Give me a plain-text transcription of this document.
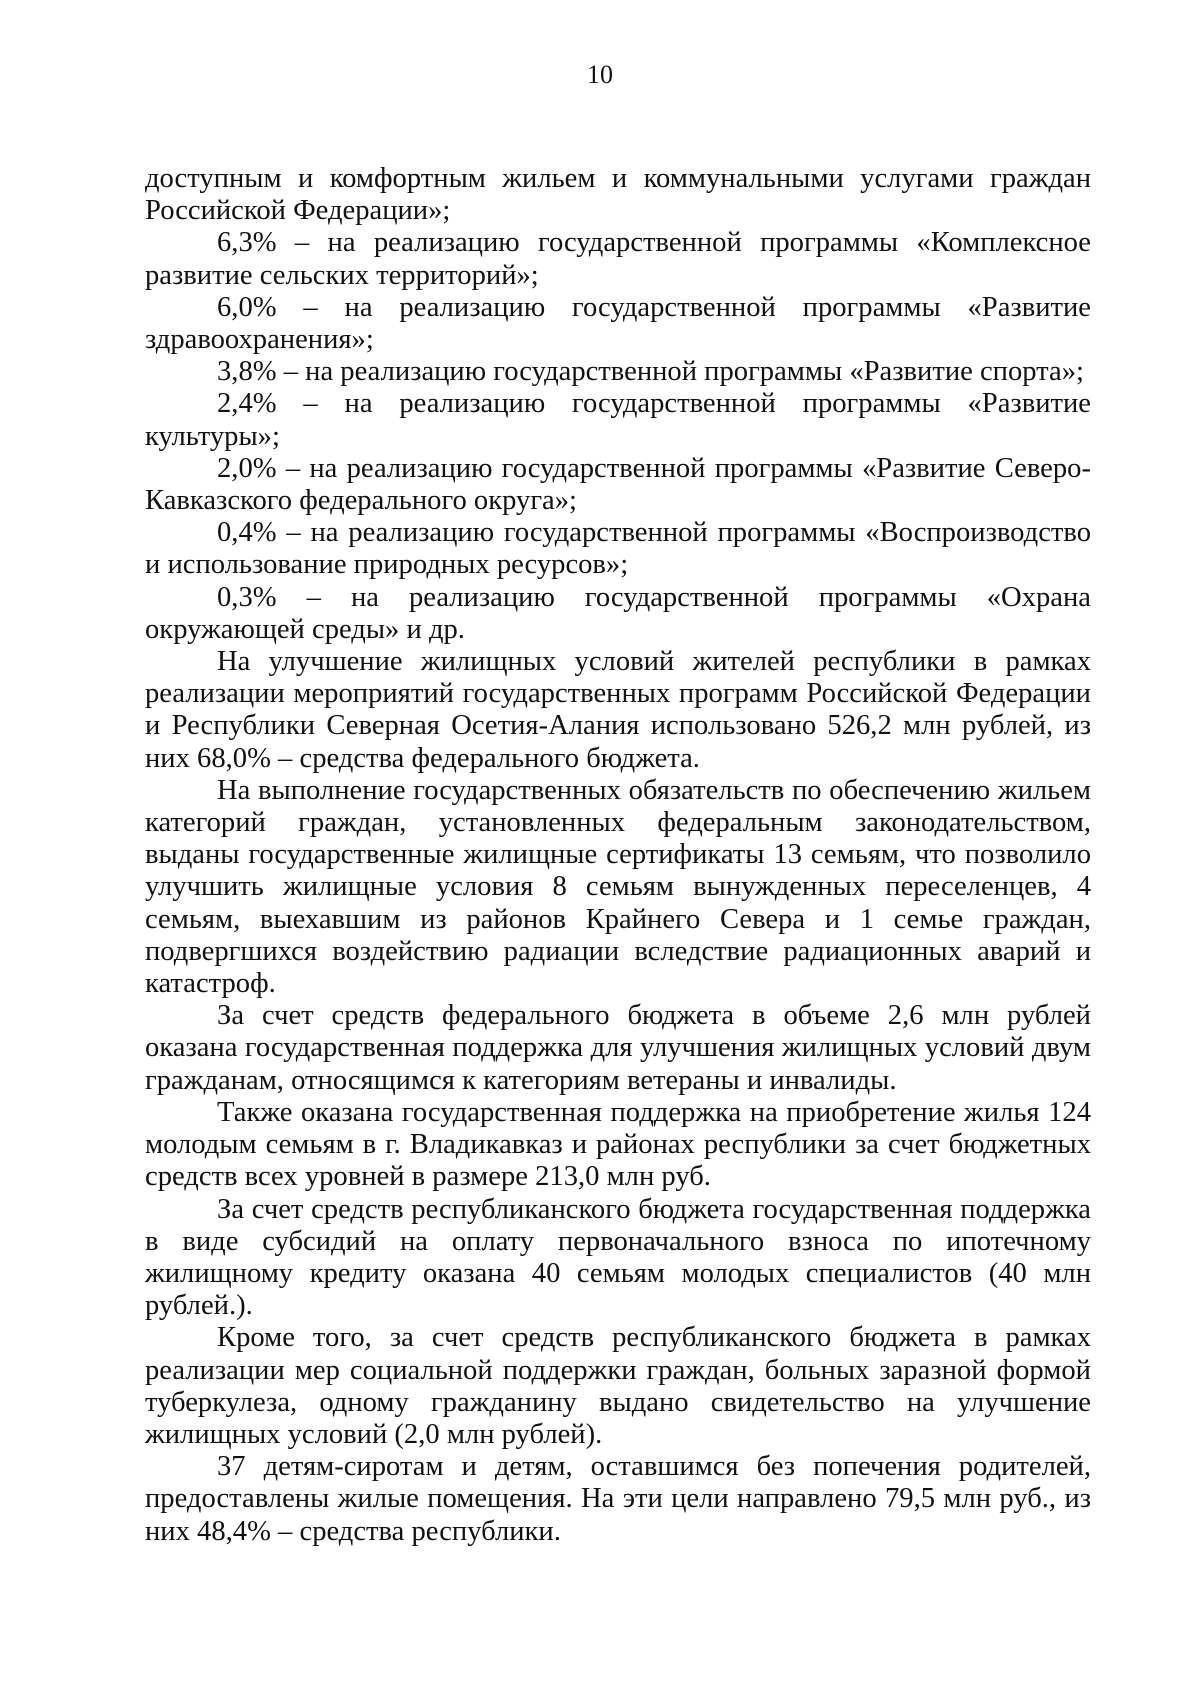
10

доступным и комфортным жильем и коммунальными услугами граждан Российской Федерации»;

6,3% – на реализацию государственной программы «Комплексное развитие сельских территорий»;

6,0% – на реализацию государственной программы «Развитие здравоохранения»;

3,8% – на реализацию государственной программы «Развитие спорта»;

2,4% – на реализацию государственной программы «Развитие культуры»;

2,0% – на реализацию государственной программы «Развитие Северо-Кавказского федерального округа»;

0,4% – на реализацию государственной программы «Воспроизводство и использование природных ресурсов»;

0,3% – на реализацию государственной программы «Охрана окружающей среды» и др.

На улучшение жилищных условий жителей республики в рамках реализации мероприятий государственных программ Российской Федерации и Республики Северная Осетия-Алания использовано 526,2 млн рублей, из них 68,0% – средства федерального бюджета.

На выполнение государственных обязательств по обеспечению жильем категорий граждан, установленных федеральным законодательством, выданы государственные жилищные сертификаты 13 семьям, что позволило улучшить жилищные условия 8 семьям вынужденных переселенцев, 4 семьям, выехавшим из районов Крайнего Севера и 1 семье граждан, подвергшихся воздействию радиации вследствие радиационных аварий и катастроф.

За счет средств федерального бюджета в объеме 2,6 млн рублей оказана государственная поддержка для улучшения жилищных условий двум гражданам, относящимся к категориям ветераны и инвалиды.

Также оказана государственная поддержка на приобретение жилья 124 молодым семьям в г. Владикавказ и районах республики за счет бюджетных средств всех уровней в размере 213,0 млн руб.

За счет средств республиканского бюджета государственная поддержка в виде субсидий на оплату первоначального взноса по ипотечному жилищному кредиту оказана 40 семьям молодых специалистов (40 млн рублей.).

Кроме того, за счет средств республиканского бюджета в рамках реализации мер социальной поддержки граждан, больных заразной формой туберкулеза, одному гражданину выдано свидетельство на улучшение жилищных условий (2,0 млн рублей).

37 детям-сиротам и детям, оставшимся без попечения родителей, предоставлены жилые помещения. На эти цели направлено 79,5 млн руб., из них 48,4% – средства республики.
